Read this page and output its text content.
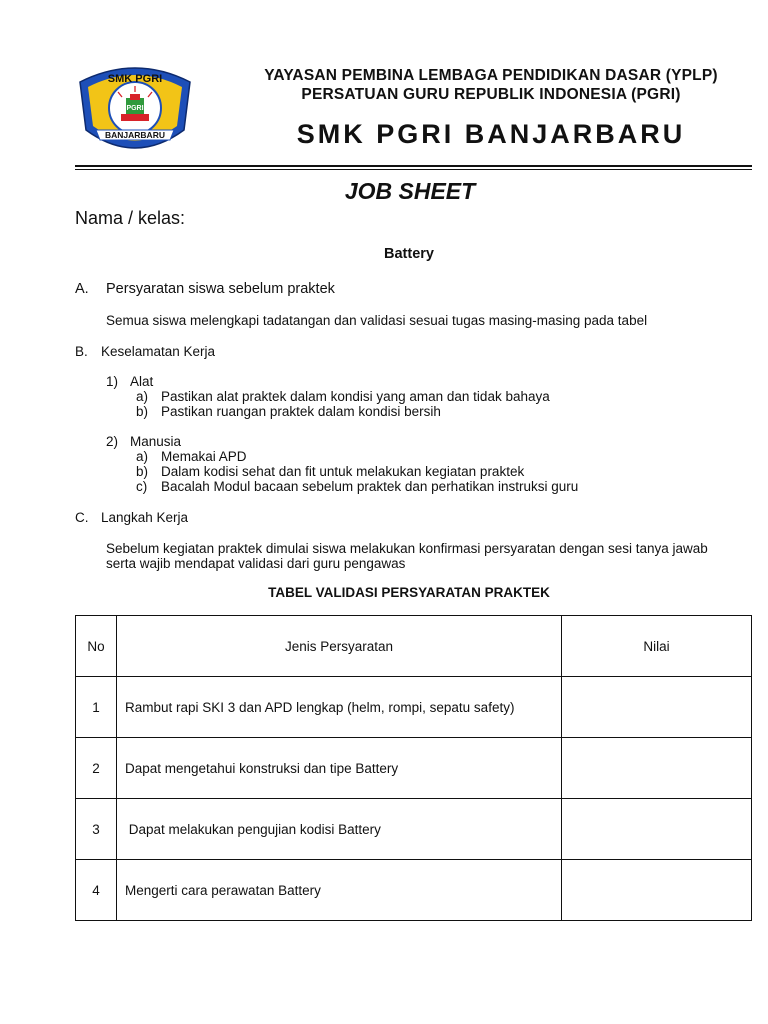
SMK PGRI
PGRI
BANJARBARU
YAYASAN PEMBINA LEMBAGA PENDIDIKAN DASAR (YPLP)
PERSATUAN GURU REPUBLIK INDONESIA (PGRI)
SMK PGRI BANJARBARU
JOB SHEET
Nama / kelas:
Battery
A. Persyaratan siswa sebelum praktek
Semua siswa melengkapi tadatangan dan validasi sesuai tugas masing-masing pada tabel
B. Keselamatan Kerja
1) Alat
a) Pastikan alat praktek dalam kondisi yang aman dan tidak bahaya
b) Pastikan ruangan praktek dalam kondisi bersih
2) Manusia
a) Memakai APD
b) Dalam kodisi sehat dan fit untuk melakukan kegiatan praktek
c) Bacalah Modul bacaan sebelum praktek dan perhatikan instruksi guru
C. Langkah Kerja
Sebelum kegiatan praktek dimulai siswa melakukan konfirmasi persyaratan dengan sesi tanya jawab
serta wajib mendapat validasi dari guru pengawas
TABEL VALIDASI PERSYARATAN PRAKTEK
No	Jenis Persyaratan	Nilai
1	Rambut rapi SKI 3 dan APD lengkap (helm, rompi, sepatu safety)	
2	Dapat mengetahui konstruksi dan tipe Battery	
3	Dapat melakukan pengujian kodisi Battery	
4	Mengerti cara perawatan Battery	
